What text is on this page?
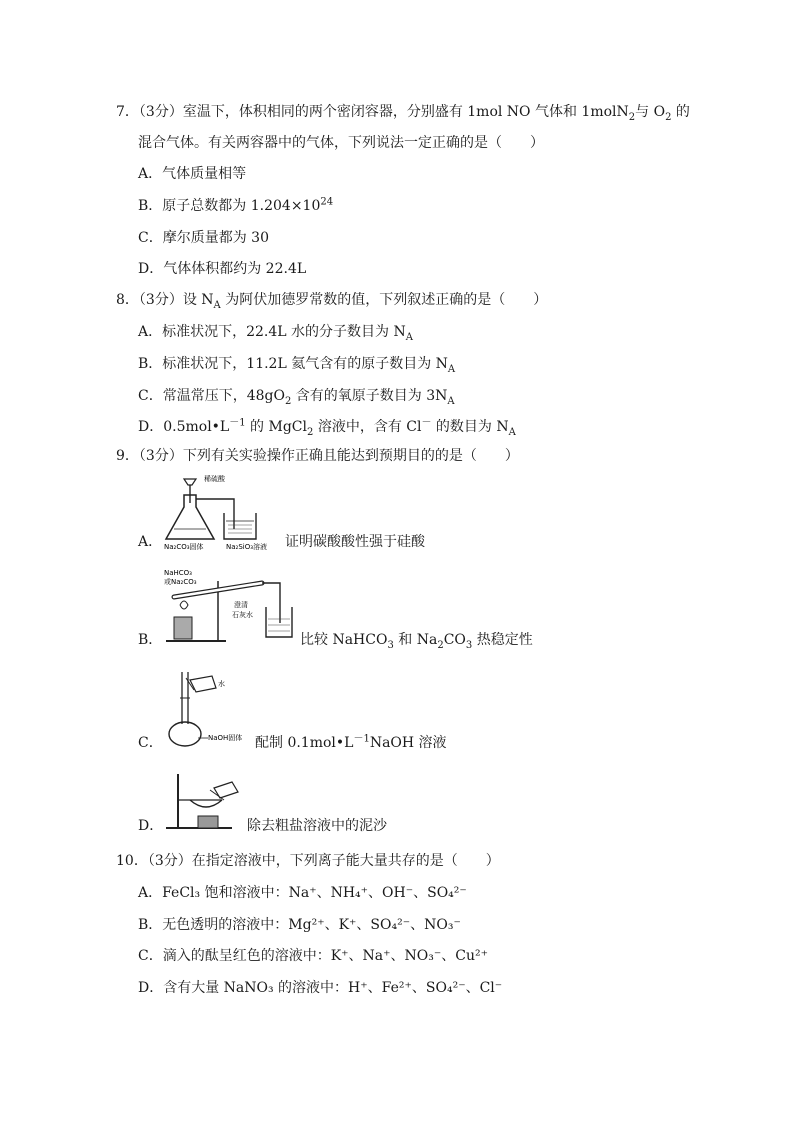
7．（3分）室温下，体积相同的两个密闭容器，分别盛有 1mol NO 气体和 1molN$_2$与 $O_2$ 的
混合气体。有关两容器中的气体，下列说法一定正确的是（　　）
A．气体质量相等
B．原子总数都为 $1.204\times 10^{24}$
C．摩尔质量都为 30
D．气体体积都约为 22.4L
8．（3分）设 $N_A$ 为阿伏加德罗常数的值，下列叙述正确的是（　　）
A．标准状况下，22.4L 水的分子数目为 $N_A$
B．标准状况下，11.2L 氦气含有的原子数目为 $N_A$
C．常温常压下，$48gO_2$ 含有的氧原子数目为 $3N_A$
D．$0.5mol•L^{-1}$ 的 MgCl$_2$ 溶液中，含有 Cl－ 的数目为 $N_A$
9．（3分）下列有关实验操作正确且能达到预期目的的是（　　）
A．
稀硫酸
Na₂CO₃固体	Na₂SiO₃溶液 证明碳酸酸性强于硅酸
B．
NaHCO₃
或Na₂CO₃
澄清
石灰水
比较 NaHCO$_3$ 和 $Na_2CO_3$ 热稳定性
C．
水
NaOH固体 配制 $0.1mol•L^{-1}NaOH$ 溶液
D．	除去粗盐溶液中的泥沙
10．（3分）在指定溶液中，下列离子能大量共存的是（　　）
A．FeCl₃ 饱和溶液中：Na⁺、NH₄⁺、OH⁻、SO₄²⁻
B．无色透明的溶液中：Mg²⁺、K⁺、SO₄²⁻、NO₃⁻
C．滴入的酞呈红色的溶液中：K⁺、Na⁺、NO₃⁻、Cu²⁺
D．含有大量 NaNO₃ 的溶液中：H⁺、Fe²⁺、SO₄²⁻、Cl⁻
